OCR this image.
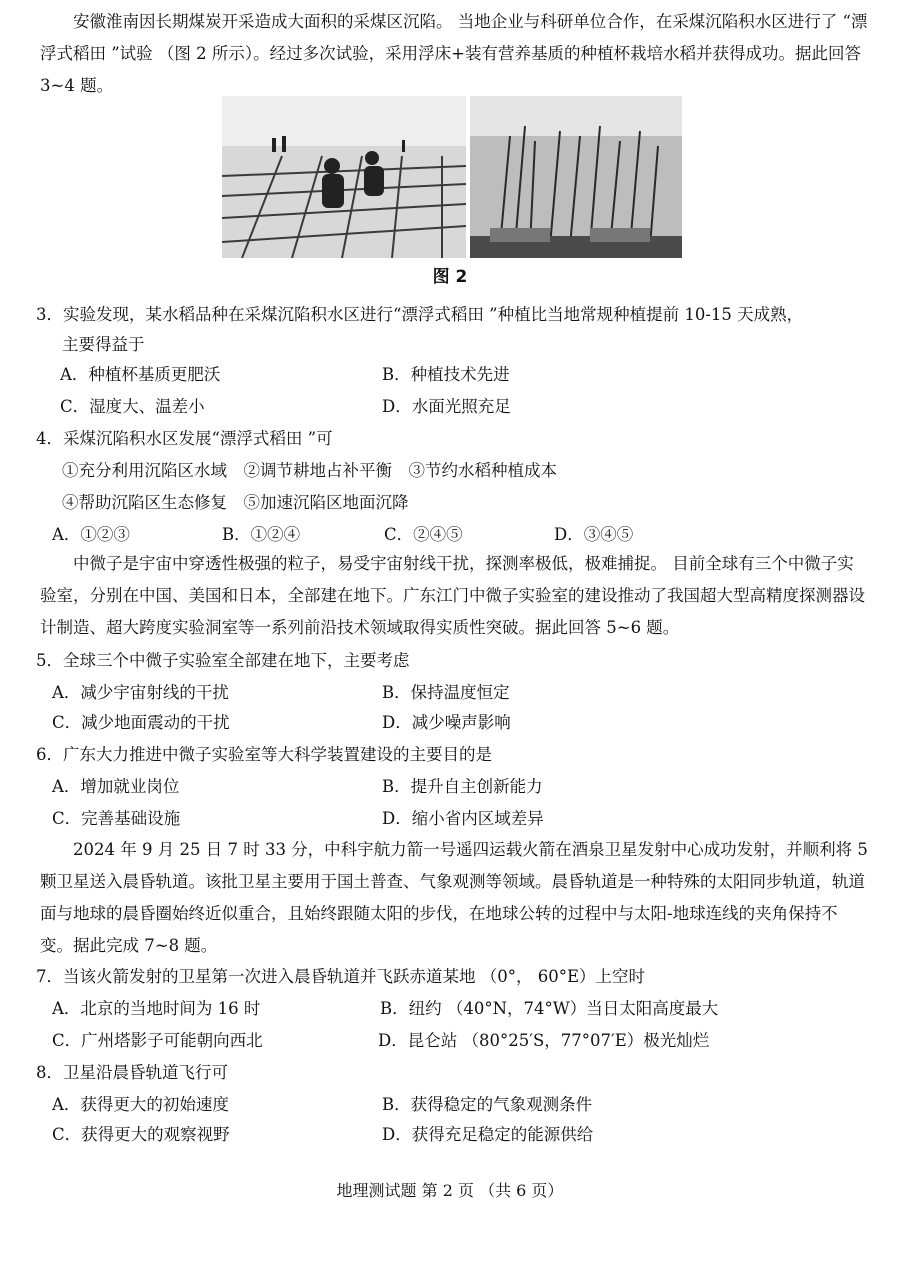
安徽淮南因长期煤炭开采造成大面积的采煤区沉陷。 当地企业与科研单位合作，在采煤沉陷积水区进行了 “漂浮式稻田 ”试验 （图 2 所示）。经过多次试验，采用浮床+装有营养基质的种植杯栽培水稻并获得成功。据此回答 3~4 题。

图 2
3．实验发现，某水稻品种在采煤沉陷积水区进行“漂浮式稻田 ”种植比当地常规种植提前 10-15 天成熟，
主要得益于
A．种植杯基质更肥沃	B．种植技术先进
C．湿度大、温差小	D．水面光照充足
4．采煤沉陷积水区发展“漂浮式稻田 ”可
①充分利用沉陷区水域　②调节耕地占补平衡　③节约水稻种植成本
④帮助沉陷区生态修复　⑤加速沉陷区地面沉降
A．①②③	B．①②④	C．②④⑤	D．③④⑤

中微子是宇宙中穿透性极强的粒子，易受宇宙射线干扰，探测率极低，极难捕捉。 目前全球有三个中微子实验室，分别在中国、美国和日本，全部建在地下。广东江门中微子实验室的建设推动了我国超大型高精度探测器设计制造、超大跨度实验洞室等一系列前沿技术领域取得实质性突破。据此回答 5~6 题。

5．全球三个中微子实验室全部建在地下，主要考虑
A．减少宇宙射线的干扰	B．保持温度恒定
C．减少地面震动的干扰	D．减少噪声影响
6．广东大力推进中微子实验室等大科学装置建设的主要目的是
A．增加就业岗位	B．提升自主创新能力
C．完善基础设施	D．缩小省内区域差异

2024 年 9 月 25 日 7 时 33 分，中科宇航力箭一号遥四运载火箭在酒泉卫星发射中心成功发射，并顺利将 5 颗卫星送入晨昏轨道。该批卫星主要用于国土普查、气象观测等领域。晨昏轨道是一种特殊的太阳同步轨道，轨道面与地球的晨昏圈始终近似重合，且始终跟随太阳的步伐，在地球公转的过程中与太阳-地球连线的夹角保持不变。据此完成 7~8 题。

7．当该火箭发射的卫星第一次进入晨昏轨道并飞跃赤道某地 （0°， 60°E）上空时
A．北京的当地时间为 16 时	B．纽约 （40°N，74°W）当日太阳高度最大
C．广州塔影子可能朝向西北	D．昆仑站 （80°25′S，77°07′E）极光灿烂
8．卫星沿晨昏轨道飞行可
A．获得更大的初始速度	B．获得稳定的气象观测条件
C．获得更大的观察视野	D．获得充足稳定的能源供给
地理测试题 第 2 页 （共 6 页）
